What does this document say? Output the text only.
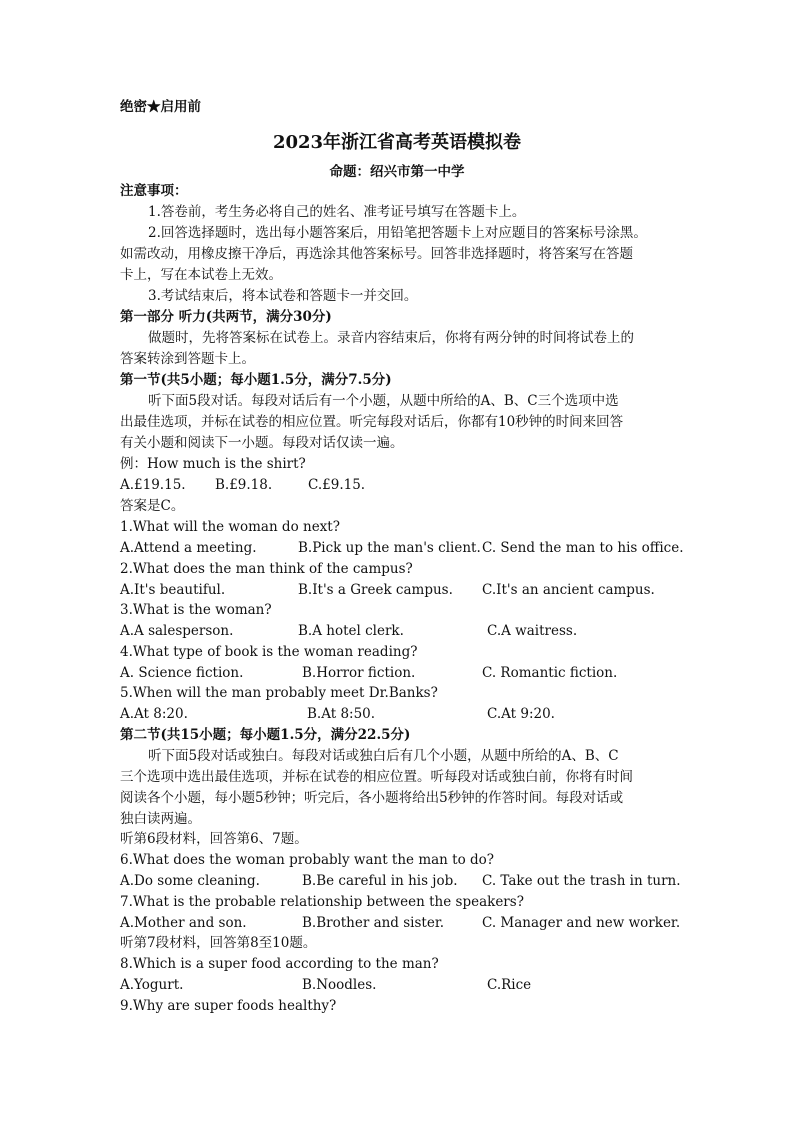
绝密★启用前
2023年浙江省高考英语模拟卷
命题：绍兴市第一中学
注意事项：
1.答卷前，考生务必将自己的姓名、准考证号填写在答题卡上。
2.回答选择题时，选出每小题答案后，用铅笔把答题卡上对应题目的答案标号涂黑。
如需改动，用橡皮擦干净后，再选涂其他答案标号。回答非选择题时，将答案写在答题
卡上，写在本试卷上无效。
3.考试结束后，将本试卷和答题卡一并交回。
第一部分 听力(共两节，满分30分)
做题时，先将答案标在试卷上。录音内容结束后，你将有两分钟的时间将试卷上的
答案转涂到答题卡上。
第一节(共5小题；每小题1.5分，满分7.5分)
听下面5段对话。每段对话后有一个小题，从题中所给的A、B、C三个选项中选
出最佳选项，并标在试卷的相应位置。听完每段对话后，你都有10秒钟的时间来回答
有关小题和阅读下一小题。每段对话仅读一遍。
例：How much is the shirt?
A.£19.15. B.£9.18.	C.£9.15.
答案是C。
1.What will the woman do next?
A.Attend a meeting.	B.Pick up the man's client. C. Send the man to his office.
2.What does the man think of the campus?
A.It's beautiful.	B.It's a Greek campus. C.It's an ancient campus.
3.What is the woman?
A.A salesperson.	B.A hotel clerk.	C.A waitress.
4.What type of book is the woman reading?
A. Science fiction.	B.Horror fiction.	C. Romantic fiction.
5.When will the man probably meet Dr.Banks?
A.At 8:20.	B.At 8:50.	C.At 9:20.
第二节(共15小题；每小题1.5分，满分22.5分)
听下面5段对话或独白。每段对话或独白后有几个小题，从题中所给的A、B、C
三个选项中选出最佳选项，并标在试卷的相应位置。听每段对话或独白前，你将有时间
阅读各个小题，每小题5秒钟；听完后，各小题将给出5秒钟的作答时间。每段对话或
独白读两遍。
听第6段材料，回答第6、7题。
6.What does the woman probably want the man to do?
A.Do some cleaning.	B.Be careful in his job. C. Take out the trash in turn.
7.What is the probable relationship between the speakers?
A.Mother and son.	B.Brother and sister.	C. Manager and new worker.
听第7段材料，回答第8至10题。
8.Which is a super food according to the man?
A.Yogurt.	B.Noodles.	C.Rice
9.Why are super foods healthy?
